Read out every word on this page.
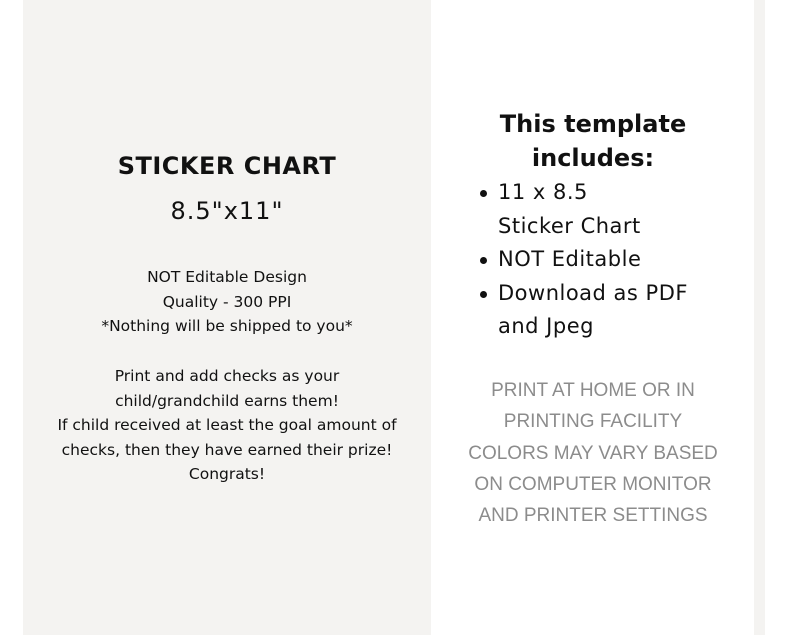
STICKER CHART
8.5"x11"
NOT Editable Design
Quality - 300 PPI
*Nothing will be shipped to you*
Print and add checks as your
child/grandchild earns them!
If child received at least the goal amount of
checks, then they have earned their prize!
Congrats!
This template
includes:
11 x 8.5
Sticker Chart
NOT Editable
Download as PDF
and Jpeg
PRINT AT HOME OR IN
PRINTING FACILITY
COLORS MAY VARY BASED
ON COMPUTER MONITOR
AND PRINTER SETTINGS
